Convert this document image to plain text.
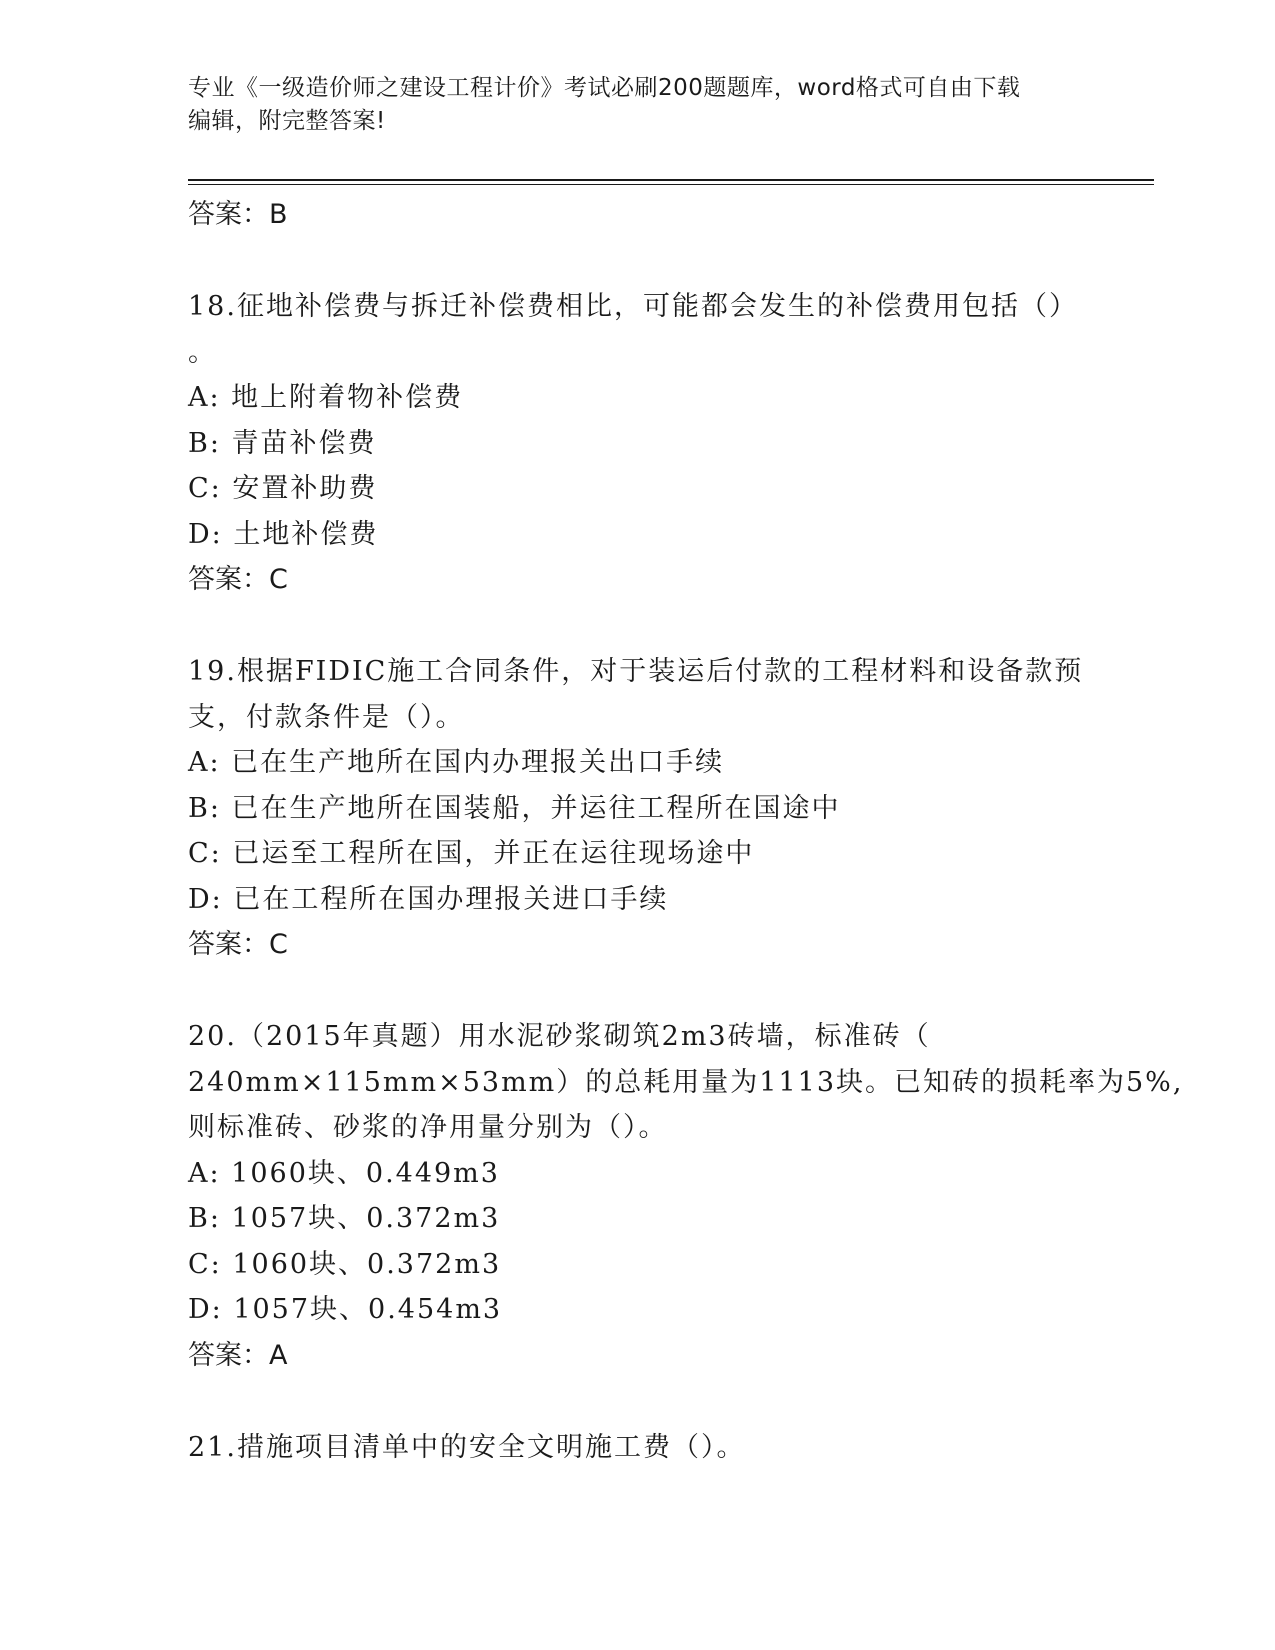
专业《一级造价师之建设工程计价》考试必刷200题题库，word格式可自由下载
编辑，附完整答案!
答案：B
18.征地补偿费与拆迁补偿费相比，可能都会发生的补偿费用包括（）
。
A: 地上附着物补偿费
B: 青苗补偿费
C: 安置补助费
D: 土地补偿费
答案：C
19.根据FIDIC施工合同条件，对于装运后付款的工程材料和设备款预
支，付款条件是（）。
A: 已在生产地所在国内办理报关出口手续
B: 已在生产地所在国装船，并运往工程所在国途中
C: 已运至工程所在国，并正在运往现场途中
D: 已在工程所在国办理报关进口手续
答案：C
20.（2015年真题）用水泥砂浆砌筑2m3砖墙，标准砖（
240mm×115mm×53mm）的总耗用量为1113块。已知砖的损耗率为5%,
则标准砖、砂浆的净用量分别为（）。
A: 1060块、0.449m3
B: 1057块、0.372m3
C: 1060块、0.372m3
D: 1057块、0.454m3
答案：A
21.措施项目清单中的安全文明施工费（）。
